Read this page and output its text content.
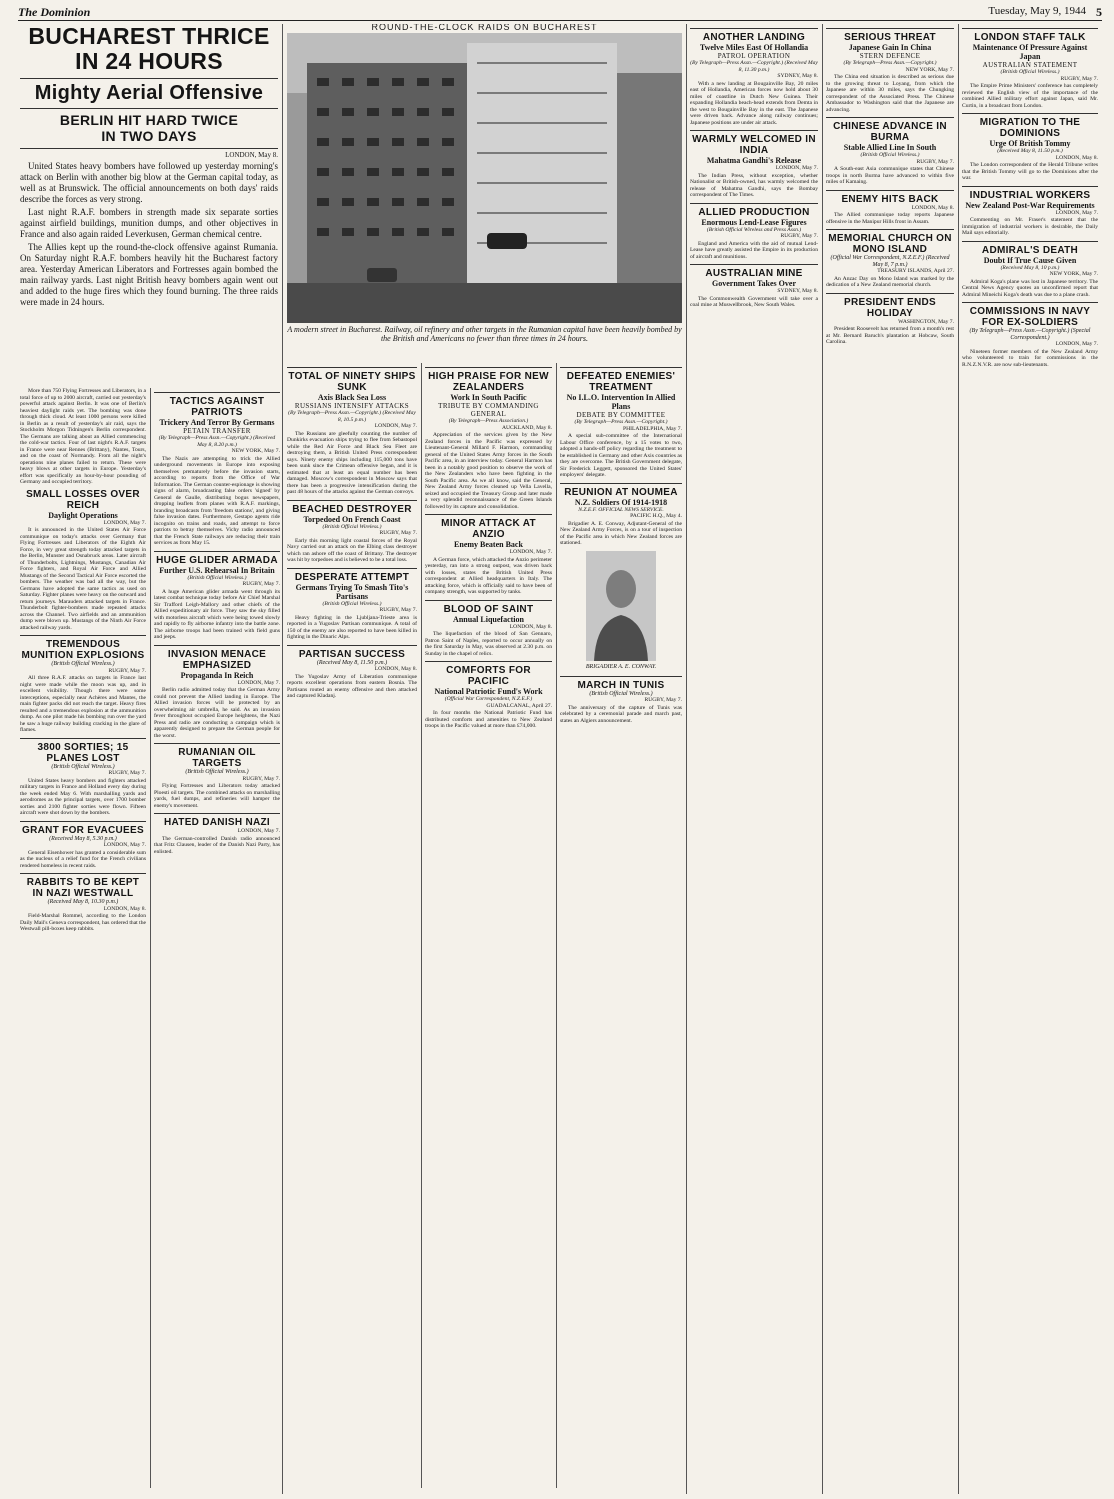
The Dominion	Tuesday, May 9, 1944 5
BUCHAREST THRICE
IN 24 HOURS
Mighty Aerial Offensive
BERLIN HIT HARD TWICE
IN TWO DAYS
LONDON, May 8.

United States heavy bombers have followed up yesterday morning's attack on Berlin with another big blow at the German capital today, as well as at Brunswick. The official announcements on both days' raids describe the forces as very strong.

Last night R.A.F. bombers in strength made six separate sorties against airfield buildings, munition dumps, and other objectives in France and also again raided Leverkusen, German chemical centre.

The Allies kept up the round-the-clock offensive against Rumania. On Saturday night R.A.F. bombers heavily hit the Bucharest factory area. Yesterday American Liberators and Fortresses again bombed the main railway yards. Last night British heavy bombers again went out and added to the huge fires which they found burning. The three raids were made in 24 hours.

More than 750 Flying Fortresses and Liberators, in a total force of up to 2000 aircraft, carried out yesterday's powerful attack against Berlin. It was one of Berlin's heaviest daylight raids yet. The bombing was done through thick cloud. At least 1000 persons were killed in Berlin as a result of yesterday's air raid, says the Stockholm Morgon Tidningen's Berlin correspondent. The Germans are talking about an Allied commencing the cold-war tactics. Four of last night's R.A.F. targets in France were near Rennes (Brittany), Nantes, Tours, and on the coast of Normandy. From all the night's operations nine planes failed to return. These were heavy blows at other targets in Europe. Yesterday's effort was specifically an hour-by-hour pounding of Germany and occupied territory.

SMALL LOSSES OVER REICH
Daylight Operations
LONDON, May 7.

It is announced in the United States Air Force communique on today's attacks over Germany that Flying Fortresses and Liberators of the Eighth Air Force, in very great strength today attacked targets in the Berlin, Munster and Osnabruck areas. Later aircraft of Thunderbolts, Lightnings, Mustangs, Canadian Air Force fighters, and Royal Air Force and Allied Mustangs of the Second Tactical Air Force escorted the bombers. The weather was bad all the way, but the Germans have adopted the same tactics as used on Saturday. Fighter planes were heavy on the outward and return journeys. Marauders attacked targets in France. Thunderbolt fighter-bombers made repeated attacks across the Channel. Two airfields and an ammunition dump were blown up. Mustangs of the Ninth Air Force attacked railway yards.

TREMENDOUS MUNITION EXPLOSIONS
(British Official Wireless.)
RUGBY, May 7.

All three R.A.F. attacks on targets in France last night were made while the moon was up, and in excellent visibility. Though there were some interceptions, especially near Achères and Mantes, the main fighter packs did not reach the target. Heavy fires resulted and a tremendous explosion at the ammunition dump. As one pilot made his bombing run over the yard he saw a huge railway building cracking in the glare of flames.

3800 SORTIES; 15 PLANES LOST
(British Official Wireless.)
RUGBY, May 7.

United States heavy bombers and fighters attacked military targets in France and Holland every day during the week ended May 6. With marshalling yards and aerodromes as the principal targets, over 1700 bomber sorties and 2100 fighter sorties were flown. Fifteen aircraft were shot down by the bombers.

GRANT FOR EVACUEES
(Received May 8, 5.30 p.m.)
LONDON, May 7.

General Eisenhower has granted a considerable sum as the nucleus of a relief fund for the French civilians rendered homeless in recent raids.

RABBITS TO BE KEPT IN NAZI WESTWALL
(Received May 8, 10.30 p.m.)
LONDON, May 8.

Field-Marshal Rommel, according to the London Daily Mail's Geneva correspondent, has ordered that the Westwall pill-boxes keep rabbits.

TACTICS AGAINST PATRIOTS
Trickery And Terror By Germans
PETAIN TRANSFER
(By Telegraph—Press Assn.—Copyright.) (Received May 8, 8.20 p.m.)
NEW YORK, May 7.

The Nazis are attempting to trick the Allied underground movements in Europe into exposing themselves prematurely before the invasion starts, according to reports from the Office of War Information. The German counter-espionage is showing signs of alarm, broadcasting false orders 'signed' by General de Gaulle, distributing bogus newspapers, dropping leaflets from planes with R.A.F. markings, branding broadcasts from 'freedom stations', and giving false invasion dates. Furthermore, Gestapo agents ride incognito on trains and roads, and attempt to force patriots to betray themselves. Vichy radio announced that the French State railways are reducing their train services as from May 15.

HUGE GLIDER ARMADA
Further U.S. Rehearsal In Britain
(British Official Wireless.)
RUGBY, May 7.

A huge American glider armada went through its latest combat technique today before Air Chief Marshal Sir Trafford Leigh-Mallory and other chiefs of the Allied expeditionary air force. They saw the sky filled with motorless aircraft which were being towed slowly and rapidly to fly airborne infantry into the battle zone. The airborne troops had been trained with field guns and jeeps.

INVASION MENACE EMPHASIZED
Propaganda In Reich
LONDON, May 7.

Berlin radio admitted today that the German Army could not prevent the Allied landing in Europe. The Allied invasion forces will be protected by an overwhelming air umbrella, he said. As an invasion fever throughout occupied Europe heightens, the Nazi Press and radio are conducting a campaign which is apparently designed to prepare the German people for the worst.

RUMANIAN OIL TARGETS
(British Official Wireless.)
RUGBY, May 7.

Flying Fortresses and Liberators today attacked Ploesti oil targets. The combined attacks on marshalling yards, fuel dumps, and refineries will hamper the enemy's movement.

HATED DANISH NAZI
LONDON, May 7.

The German-controlled Danish radio announced that Fritz Clausen, leader of the Danish Nazi Party, has enlisted.

ROUND-THE-CLOCK RAIDS ON BUCHAREST
A modern street in Bucharest. Railway, oil refinery and other targets in the Rumanian capital have been heavily bombed by the British and Americans no fewer than three times in 24 hours.
TOTAL OF NINETY SHIPS SUNK
Axis Black Sea Loss
RUSSIANS INTENSIFY ATTACKS
(By Telegraph—Press Assn.—Copyright.) (Received May 8, 10.5 p.m.)
LONDON, May 7.

The Russians are gleefully counting the number of Dunkirks evacuation ships trying to flee from Sebastopol while the Red Air Force and Black Sea Fleet are destroying them, a British United Press correspondent says. Ninety enemy ships including 115,000 tons have been sunk since the Crimean offensive began, and it is estimated that at least an equal number has been damaged. Moscow's correspondent in Moscow says that there has been a progressive intensification during the past 48 hours of the attacks against the German convoys.

BEACHED DESTROYER
Torpedoed On French Coast
(British Official Wireless.)
RUGBY, May 7.

Early this morning light coastal forces of the Royal Navy carried out an attack on the Elbing class destroyer which ran ashore off the coast of Brittany. The destroyer was hit by torpedoes and is believed to be a total loss.

DESPERATE ATTEMPT
Germans Trying To Smash Tito's Partisans
(British Official Wireless.)
RUGBY, May 7.

Heavy fighting in the Ljubljana-Trieste area is reported in a Yugoslav Partisan communique. A total of 150 of the enemy are also reported to have been killed in fighting in the Dinaric Alps.

PARTISAN SUCCESS
(Received May 8, 11.50 p.m.)
LONDON, May 8.

The Yugoslav Army of Liberation communique reports excellent operations from eastern Bosnia. The Partisans routed an enemy offensive and then attacked and captured Kladanj.

HIGH PRAISE FOR NEW ZEALANDERS
Work In South Pacific
TRIBUTE BY COMMANDING GENERAL
(By Telegraph—Press Association.)
AUCKLAND, May 8.

Appreciation of the services given by the New Zealand forces in the Pacific was expressed by Lieutenant-General Millard F. Harmon, commanding general of the United States Army forces in the South Pacific area, in an interview today. General Harmon has been in a notably good position to observe the work of the New Zealanders who have been fighting in the South Pacific area. As we all know, said the General, New Zealand Army forces cleaned up Vella Lavella, seized and occupied the Treasury Group and later made a very splendid reconnaissance of the Green Islands followed by its capture and consolidation.

MINOR ATTACK AT ANZIO
Enemy Beaten Back
LONDON, May 7.

A German force, which attacked the Anzio perimeter yesterday, ran into a strong outpost, was driven back with losses, states the British United Press correspondent at Allied headquarters in Italy. The attacking force, which is officially said to have been of company strength, was supported by tanks.

BLOOD OF SAINT
Annual Liquefaction
LONDON, May 8.

The liquefaction of the blood of San Gennaro, Patron Saint of Naples, reported to occur annually on the first Saturday in May, was observed at 2.30 p.m. on Sunday in the chapel of relics.

COMFORTS FOR PACIFIC
National Patriotic Fund's Work
(Official War Correspondent, N.Z.E.F.)
GUADALCANAL, April 27.

In four months the National Patriotic Fund has distributed comforts and amenities to New Zealand troops in the Pacific valued at more than £74,000.

DEFEATED ENEMIES' TREATMENT
No I.L.O. Intervention In Allied Plans
DEBATE BY COMMITTEE
(By Telegraph—Press Assn.—Copyright.)
PHILADELPHIA, May 7.

A special sub-committee of the International Labour Office conference, by a 15 votes to two, adopted a hands-off policy regarding the treatment to be established in Germany and other Axis countries as they are overcome. The British Government delegate, Sir Frederick Leggett, sponsored the United States' employers' delegate.

REUNION AT NOUMEA
N.Z. Soldiers Of 1914-1918
N.Z.E.F. OFFICIAL NEWS SERVICE.
PACIFIC H.Q., May 4.

Brigadier A. E. Conway, Adjutant-General of the New Zealand Army Forces, is on a tour of inspection of the Pacific area in which New Zealand forces are stationed.

BRIGADIER A. E. CONWAY.
MARCH IN TUNIS
(British Official Wireless.)
RUGBY, May 7.

The anniversary of the capture of Tunis was celebrated by a ceremonial parade and march past, states an Algiers announcement.

ANOTHER LANDING
Twelve Miles East Of Hollandia
PATROL OPERATION
(By Telegraph—Press Assn.—Copyright.) (Received May 8, 11.30 p.m.)
SYDNEY, May 8.

With a new landing at Bougainville Bay, 20 miles east of Hollandia, American forces now hold about 30 miles of coastline in Dutch New Guinea. Their expanding Hollandia beach-head extends from Demta in the west to Bougainville Bay in the east. The Japanese were driven back. Advance along railway continues; Japanese positions are under air attack.

WARMLY WELCOMED IN INDIA
Mahatma Gandhi's Release
LONDON, May 7.

The Indian Press, without exception, whether Nationalist or British-owned, has warmly welcomed the release of Mahatma Gandhi, says the Bombay correspondent of The Times.

ALLIED PRODUCTION
Enormous Lend-Lease Figures
(British Official Wireless and Press Assn.)
RUGBY, May 7.

England and America with the aid of mutual Lend-Lease have greatly assisted the Empire in its production of aircraft and munitions.

AUSTRALIAN MINE
Government Takes Over
SYDNEY, May 8.

The Commonwealth Government will take over a coal mine at Muswellbrook, New South Wales.

SERIOUS THREAT
Japanese Gain In China
STERN DEFENCE
(By Telegraph—Press Assn.—Copyright.)
NEW YORK, May 7.

The China end situation is described as serious due to the growing threat to Loyang, from which the Japanese are within 30 miles, says the Chungking correspondent of the Associated Press. The Chinese Ambassador to Washington said that the Japanese are advancing.

CHINESE ADVANCE IN BURMA
Stable Allied Line In South
(British Official Wireless.)
RUGBY, May 7.

A South-east Asia communique states that Chinese troops in north Burma have advanced to within five miles of Kamaing.

ENEMY HITS BACK
LONDON, May 8.

The Allied communique today reports Japanese offensive in the Manipur Hills front in Assam.

MEMORIAL CHURCH ON MONO ISLAND
(Official War Correspondent, N.Z.E.F.) (Received May 8, 7 p.m.)
TREASURY ISLANDS, April 27.

An Anzac Day on Mono Island was marked by the dedication of a New Zealand memorial church.

PRESIDENT ENDS HOLIDAY
WASHINGTON, May 7.

President Roosevelt has returned from a month's rest at Mr. Bernard Baruch's plantation at Hobcaw, South Carolina.

LONDON STAFF TALK
Maintenance Of Pressure Against Japan
AUSTRALIAN STATEMENT
(British Official Wireless.)
RUGBY, May 7.

The Empire Prime Ministers' conference has completely reviewed the English view of the importance of the combined Allied military effort against Japan, said Mr. Curtin, in a broadcast from London.

MIGRATION TO THE DOMINIONS
Urge Of British Tommy
(Received May 8, 11.50 p.m.)
LONDON, May 8.

The London correspondent of the Herald Tribune writes that the British Tommy will go to the Dominions after the war.

INDUSTRIAL WORKERS
New Zealand Post-War Requirements
LONDON, May 7.

Commenting on Mr. Fraser's statement that the immigration of industrial workers is desirable, the Daily Mail says editorially.

ADMIRAL'S DEATH
Doubt If True Cause Given
(Received May 8, 10 p.m.)
NEW YORK, May 7.

Admiral Koga's plane was lost in Japanese territory. The Central News Agency quotes an unconfirmed report that Admiral Mineichi Koga's death was due to a plane crash.

COMMISSIONS IN NAVY FOR EX-SOLDIERS
(By Telegraph—Press Assn.—Copyright.) (Special Correspondent.)
LONDON, May 7.

Nineteen former members of the New Zealand Army who volunteered to train for commissions in the R.N.Z.N.V.R. are now sub-lieutenants.
